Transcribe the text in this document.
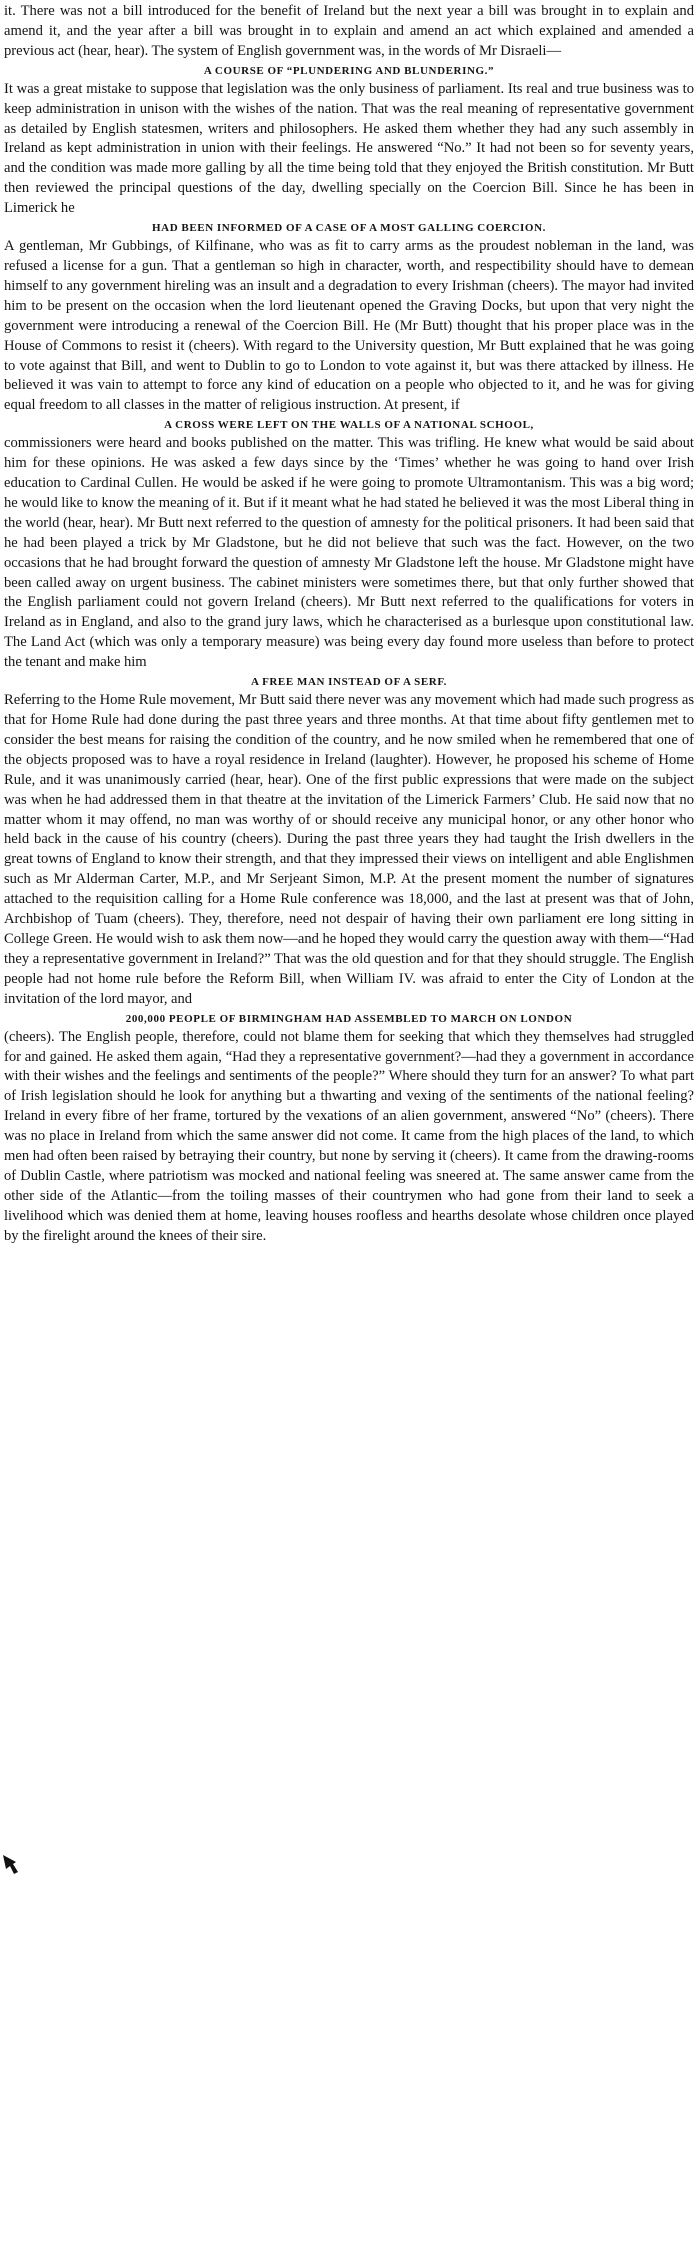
it. There was not a bill introduced for the benefit of Ireland but the next year a bill was brought in to explain and amend it, and the year after a bill was brought in to explain and amend an act which explained and amended a previous act (hear, hear). The system of English government was, in the words of Mr Disraeli—

A COURSE OF “PLUNDERING AND BLUNDERING.”

It was a great mistake to suppose that legislation was the only business of parliament. Its real and true business was to keep administration in unison with the wishes of the nation. That was the real meaning of representative government as detailed by English statesmen, writers and philosophers. He asked them whether they had any such assembly in Ireland as kept administration in union with their feelings. He answered “No.” It had not been so for seventy years, and the condition was made more galling by all the time being told that they enjoyed the British constitution. Mr Butt then reviewed the principal questions of the day, dwelling specially on the Coercion Bill. Since he has been in Limerick he

HAD BEEN INFORMED OF A CASE OF A MOST GALLING COERCION.

A gentleman, Mr Gubbings, of Kilfinane, who was as fit to carry arms as the proudest nobleman in the land, was refused a license for a gun. That a gentleman so high in character, worth, and respectibility should have to demean himself to any government hireling was an insult and a degradation to every Irishman (cheers). The mayor had invited him to be present on the occasion when the lord lieutenant opened the Graving Docks, but upon that very night the government were introducing a renewal of the Coercion Bill. He (Mr Butt) thought that his proper place was in the House of Commons to resist it (cheers). With regard to the University question, Mr Butt explained that he was going to vote against that Bill, and went to Dublin to go to London to vote against it, but was there attacked by illness. He believed it was vain to attempt to force any kind of education on a people who objected to it, and he was for giving equal freedom to all classes in the matter of religious instruction. At present, if

A CROSS WERE LEFT ON THE WALLS OF A NATIONAL SCHOOL,

commissioners were heard and books published on the matter. This was trifling. He knew what would be said about him for these opinions. He was asked a few days since by the ‘Times’ whether he was going to hand over Irish education to Cardinal Cullen. He would be asked if he were going to promote Ultramontanism. This was a big word; he would like to know the meaning of it. But if it meant what he had stated he believed it was the most Liberal thing in the world (hear, hear). Mr Butt next referred to the question of amnesty for the political prisoners. It had been said that he had been played a trick by Mr Gladstone, but he did not believe that such was the fact. However, on the two occasions that he had brought forward the question of amnesty Mr Gladstone left the house. Mr Gladstone might have been called away on urgent business. The cabinet ministers were sometimes there, but that only further showed that the English parliament could not govern Ireland (cheers). Mr Butt next referred to the qualifications for voters in Ireland as in England, and also to the grand jury laws, which he characterised as a burlesque upon constitutional law. The Land Act (which was only a temporary measure) was being every day found more useless than before to protect the tenant and make him

A FREE MAN INSTEAD OF A SERF.

Referring to the Home Rule movement, Mr Butt said there never was any movement which had made such progress as that for Home Rule had done during the past three years and three months. At that time about fifty gentlemen met to consider the best means for raising the condition of the country, and he now smiled when he remembered that one of the objects proposed was to have a royal residence in Ireland (laughter). However, he proposed his scheme of Home Rule, and it was unanimously carried (hear, hear). One of the first public expressions that were made on the subject was when he had addressed them in that theatre at the invitation of the Limerick Farmers’ Club. He said now that no matter whom it may offend, no man was worthy of or should receive any municipal honor, or any other honor who held back in the cause of his country (cheers). During the past three years they had taught the Irish dwellers in the great towns of England to know their strength, and that they impressed their views on intelligent and able Englishmen such as Mr Alderman Carter, M.P., and Mr Serjeant Simon, M.P. At the present moment the number of signatures attached to the requisition calling for a Home Rule conference was 18,000, and the last at present was that of John, Archbishop of Tuam (cheers). They, therefore, need not despair of having their own parliament ere long sitting in College Green. He would wish to ask them now—and he hoped they would carry the question away with them—“Had they a representative government in Ireland?” That was the old question and for that they should struggle. The English people had not home rule before the Reform Bill, when William IV. was afraid to enter the City of London at the invitation of the lord mayor, and

200,000 PEOPLE OF BIRMINGHAM HAD ASSEMBLED TO MARCH ON LONDON

(cheers). The English people, therefore, could not blame them for seeking that which they themselves had struggled for and gained. He asked them again, “Had they a representative government?—had they a government in accordance with their wishes and the feelings and sentiments of the people?” Where should they turn for an answer? To what part of Irish legislation should he look for anything but a thwarting and vexing of the sentiments of the national feeling? Ireland in every fibre of her frame, tortured by the vexations of an alien government, answered “No” (cheers). There was no place in Ireland from which the same answer did not come. It came from the high places of the land, to which men had often been raised by betraying their country, but none by serving it (cheers). It came from the drawing-rooms of Dublin Castle, where patriotism was mocked and national feeling was sneered at. The same answer came from the other side of the Atlantic—from the toiling masses of their countrymen who had gone from their land to seek a livelihood which was denied them at home, leaving houses roofless and hearths desolate whose children once played by the firelight around the knees of their sire.
